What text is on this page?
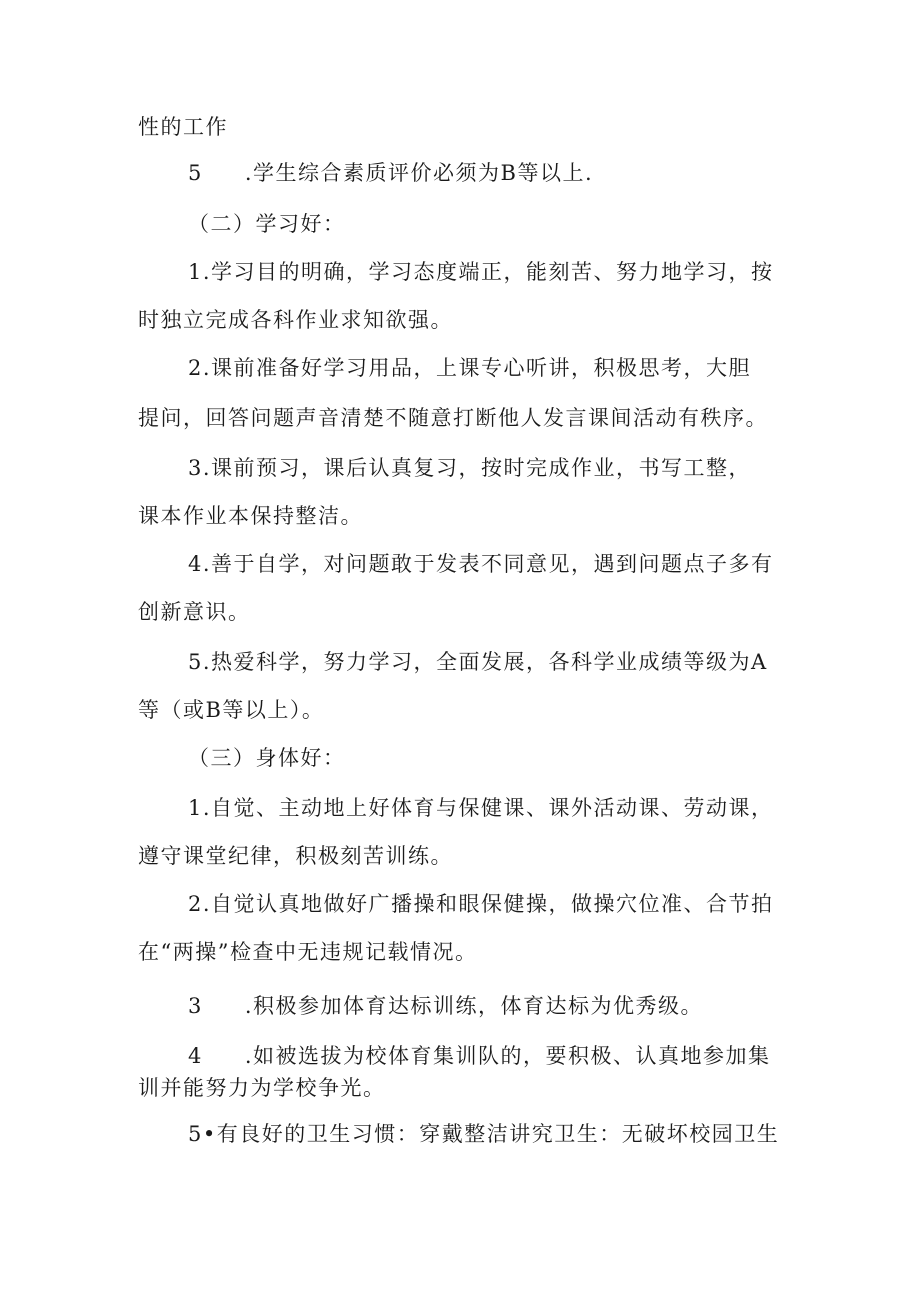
性的工作
5 .学生综合素质评价必须为B等以上.
（二）学习好：
1.学习目的明确，学习态度端正，能刻苦、努力地学习，按
时独立完成各科作业求知欲强。
2.课前准备好学习用品，上课专心听讲，积极思考，大胆
提问，回答问题声音清楚不随意打断他人发言课间活动有秩序。
3.课前预习，课后认真复习，按时完成作业，书写工整，
课本作业本保持整洁。
4.善于自学，对问题敢于发表不同意见，遇到问题点子多有
创新意识。
5.热爱科学，努力学习，全面发展，各科学业成绩等级为A
等（或B等以上）。
（三）身体好：
1.自觉、主动地上好体育与保健课、课外活动课、劳动课，
遵守课堂纪律，积极刻苦训练。
2.自觉认真地做好广播操和眼保健操，做操穴位准、合节拍
在“两操”检查中无违规记载情况。
3 .积极参加体育达标训练，体育达标为优秀级。
4 .如被选拔为校体育集训队的，要积极、认真地参加集
训并能努力为学校争光。
5•有良好的卫生习惯：穿戴整洁讲究卫生：无破坏校园卫生
